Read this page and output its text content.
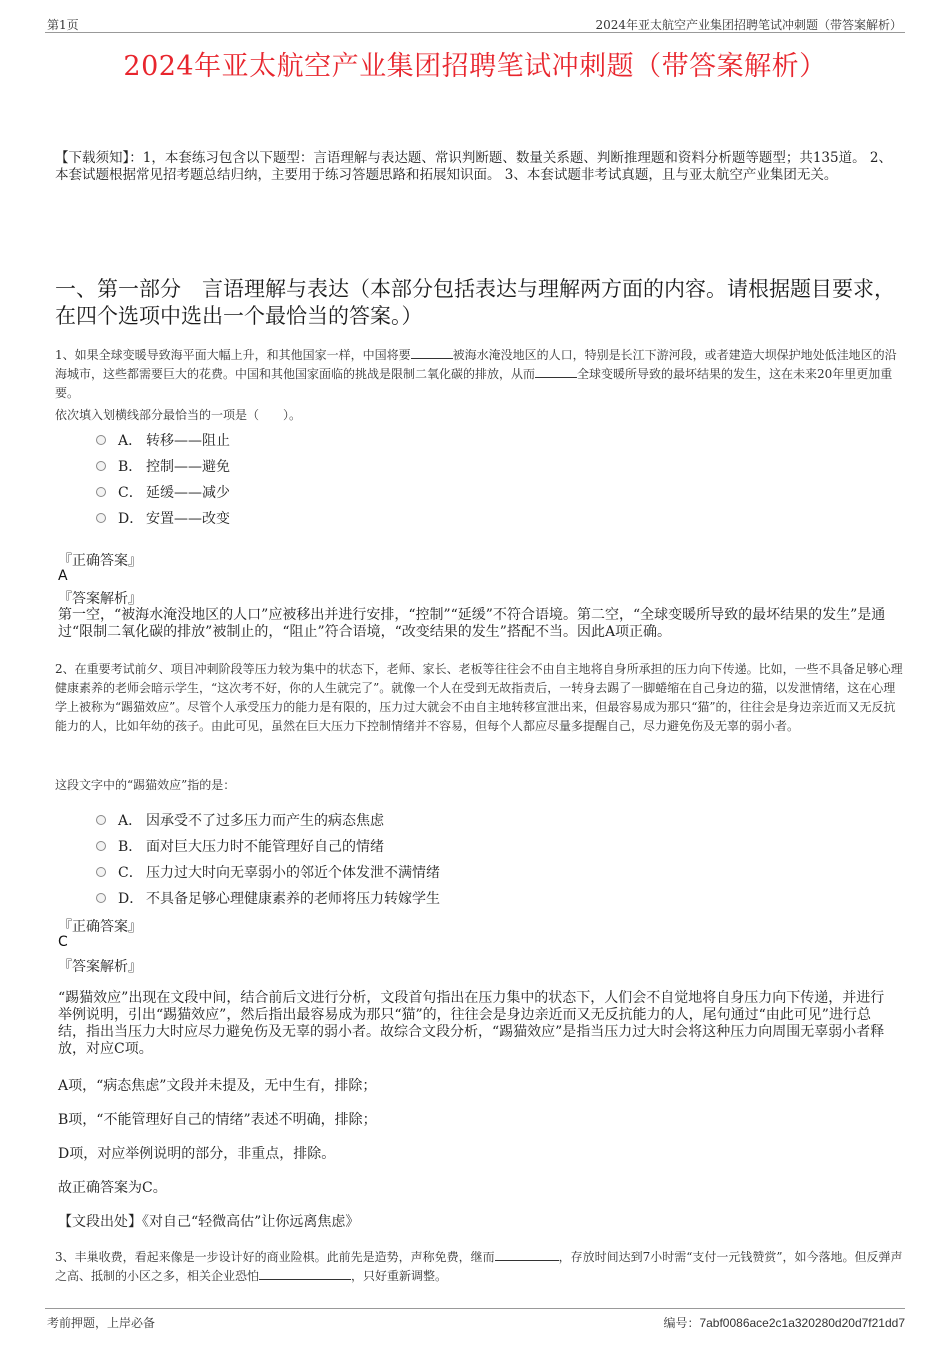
第1页	2024年亚太航空产业集团招聘笔试冲刺题（带答案解析）
2024年亚太航空产业集团招聘笔试冲刺题（带答案解析）
【下载须知】：1，本套练习包含以下题型：言语理解与表达题、常识判断题、数量关系题、判断推理题和资料分析题等题型；共135道。 2、本套试题根据常见招考题总结归纳，主要用于练习答题思路和拓展知识面。 3、本套试题非考试真题，且与亚太航空产业集团无关。
一、第一部分　言语理解与表达（本部分包括表达与理解两方面的内容。请根据题目要求，在四个选项中选出一个最恰当的答案。）
1、如果全球变暖导致海平面大幅上升，和其他国家一样，中国将要	被海水淹没地区的人口，特别是长江下游河段，或者建造大坝保护地处低洼地区的沿海城市，这些都需要巨大的花费。中国和其他国家面临的挑战是限制二氧化碳的排放，从而	全球变暖所导致的最坏结果的发生，这在未来20年里更加重要。
依次填入划横线部分最恰当的一项是（　　）。
A． 转移——阻止
B． 控制——避免
C． 延缓——减少
D． 安置——改变
『正确答案』
A
『答案解析』
第一空，“被海水淹没地区的人口”应被移出并进行安排，“控制”“延缓”不符合语境。第二空，“全球变暖所导致的最坏结果的发生”是通过“限制二氧化碳的排放”被制止的，“阻止”符合语境，“改变结果的发生”搭配不当。因此A项正确。
2、在重要考试前夕、项目冲刺阶段等压力较为集中的状态下，老师、家长、老板等往往会不由自主地将自身所承担的压力向下传递。比如，一些不具备足够心理健康素养的老师会暗示学生，“这次考不好，你的人生就完了”。就像一个人在受到无故指责后，一转身去踢了一脚蜷缩在自己身边的猫，以发泄情绪，这在心理学上被称为“踢猫效应”。尽管个人承受压力的能力是有限的，压力过大就会不由自主地转移宣泄出来，但最容易成为那只“猫”的，往往会是身边亲近而又无反抗能力的人，比如年幼的孩子。由此可见，虽然在巨大压力下控制情绪并不容易，但每个人都应尽量多提醒自己，尽力避免伤及无辜的弱小者。
这段文字中的“踢猫效应”指的是：
A． 因承受不了过多压力而产生的病态焦虑
B． 面对巨大压力时不能管理好自己的情绪
C． 压力过大时向无辜弱小的邻近个体发泄不满情绪
D． 不具备足够心理健康素养的老师将压力转嫁学生
『正确答案』
C
『答案解析』
“踢猫效应”出现在文段中间，结合前后文进行分析，文段首句指出在压力集中的状态下，人们会不自觉地将自身压力向下传递，并进行举例说明，引出“踢猫效应”，然后指出最容易成为那只“猫”的，往往会是身边亲近而又无反抗能力的人，尾句通过“由此可见”进行总结，指出当压力大时应尽力避免伤及无辜的弱小者。故综合文段分析，“踢猫效应”是指当压力过大时会将这种压力向周围无辜弱小者释放，对应C项。
A项，“病态焦虑”文段并未提及，无中生有，排除；
B项，“不能管理好自己的情绪”表述不明确，排除；
D项，对应举例说明的部分，非重点，排除。
故正确答案为C。
【文段出处】《对自己“轻微高估”让你远离焦虑》
3、丰巢收费，看起来像是一步设计好的商业险棋。此前先是造势，声称免费，继而	，存放时间达到7小时需“支付一元钱赞赏”，如今落地。但反弹声之高、抵制的小区之多，相关企业恐怕	，只好重新调整。
考前押题，上岸必备	编号：7abf0086ace2c1a320280d20d7f21dd7
